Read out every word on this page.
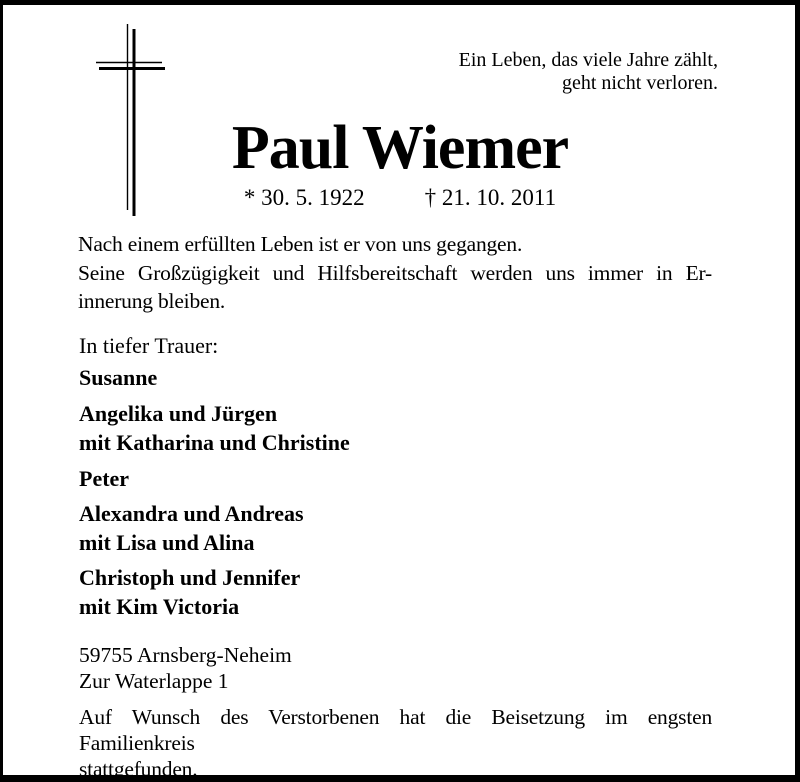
Ein Leben, das viele Jahre zählt,
geht nicht verloren.
Paul Wiemer
* 30. 5. 1922	† 21. 10. 2011
Nach einem erfüllten Leben ist er von uns gegangen.
Seine Großzügigkeit und Hilfsbereitschaft werden uns immer in Er-
innerung bleiben.
In tiefer Trauer:
Susanne
Angelika und Jürgen
mit Katharina und Christine
Peter
Alexandra und Andreas
mit Lisa und Alina
Christoph und Jennifer
mit Kim Victoria
59755 Arnsberg-Neheim
Zur Waterlappe 1
Auf Wunsch des Verstorbenen hat die Beisetzung im engsten Familienkreis
stattgefunden.
